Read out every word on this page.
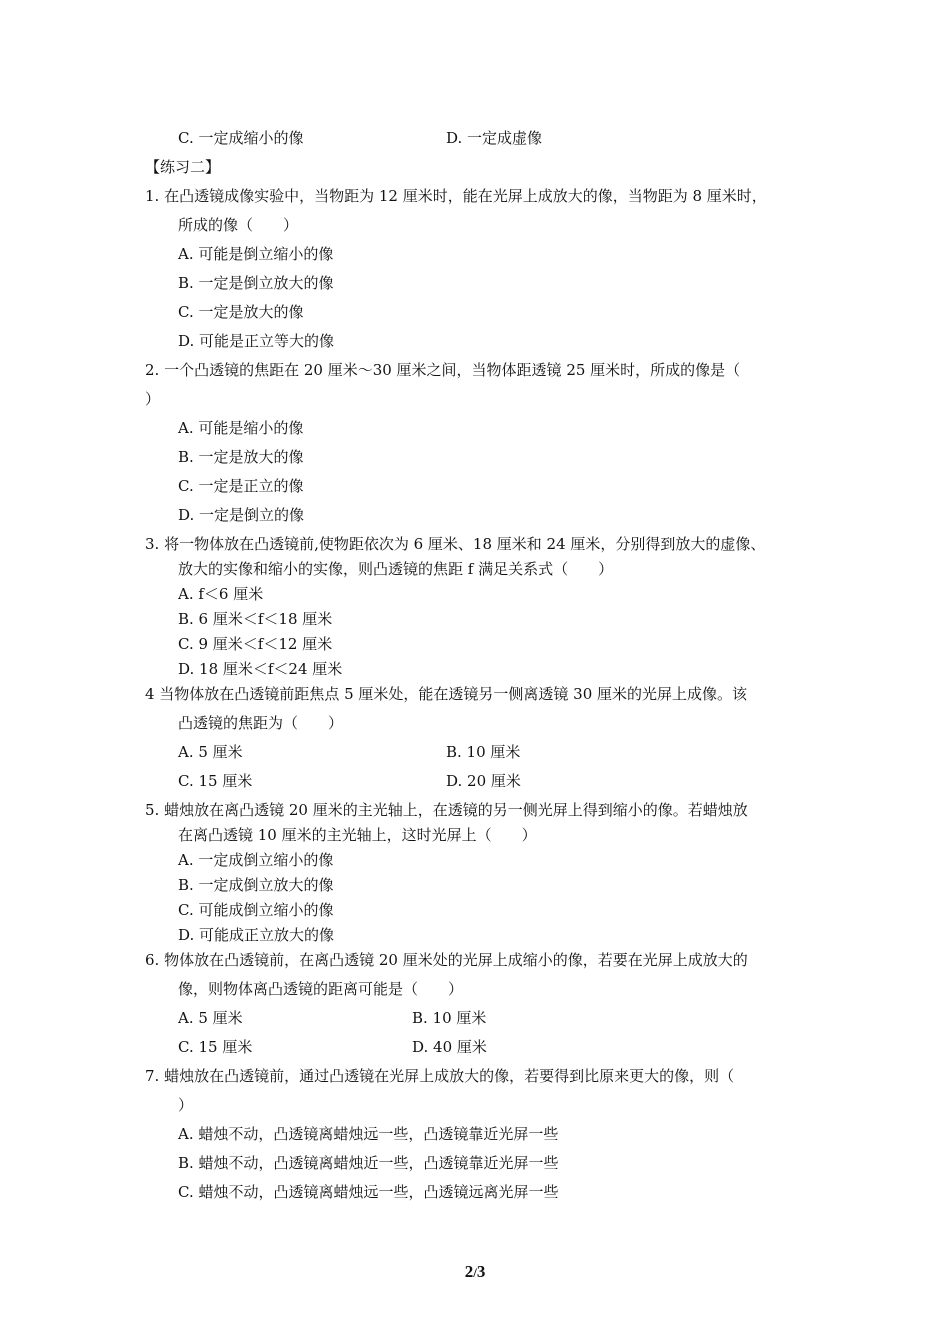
C. 一定成缩小的像	D. 一定成虚像
【练习二】
1. 在凸透镜成像实验中，当物距为 12 厘米时，能在光屏上成放大的像，当物距为 8 厘米时，
所成的像（　　）
A. 可能是倒立缩小的像
B. 一定是倒立放大的像
C. 一定是放大的像
D. 可能是正立等大的像
2. 一个凸透镜的焦距在 20 厘米～30 厘米之间，当物体距透镜 25 厘米时，所成的像是（
）
A. 可能是缩小的像
B. 一定是放大的像
C. 一定是正立的像
D. 一定是倒立的像
3. 将一物体放在凸透镜前,使物距依次为 6 厘米、18 厘米和 24 厘米，分别得到放大的虚像、
放大的实像和缩小的实像，则凸透镜的焦距 f 满足关系式（　　）
A. f＜6 厘米
B. 6 厘米＜f＜18 厘米
C. 9 厘米＜f＜12 厘米
D. 18 厘米＜f＜24 厘米
4 当物体放在凸透镜前距焦点 5 厘米处，能在透镜另一侧离透镜 30 厘米的光屏上成像。该
凸透镜的焦距为（　　）
A. 5 厘米	B. 10 厘米
C. 15 厘米	D. 20 厘米
5. 蜡烛放在离凸透镜 20 厘米的主光轴上，在透镜的另一侧光屏上得到缩小的像。若蜡烛放
在离凸透镜 10 厘米的主光轴上，这时光屏上（　　）
A. 一定成倒立缩小的像
B. 一定成倒立放大的像
C. 可能成倒立缩小的像
D. 可能成正立放大的像
6. 物体放在凸透镜前，在离凸透镜 20 厘米处的光屏上成缩小的像，若要在光屏上成放大的
像，则物体离凸透镜的距离可能是（　　）
A. 5 厘米	B. 10 厘米
C. 15 厘米	D. 40 厘米
7. 蜡烛放在凸透镜前，通过凸透镜在光屏上成放大的像，若要得到比原来更大的像，则（
）
A. 蜡烛不动，凸透镜离蜡烛远一些，凸透镜靠近光屏一些
B. 蜡烛不动，凸透镜离蜡烛近一些，凸透镜靠近光屏一些
C. 蜡烛不动，凸透镜离蜡烛远一些，凸透镜远离光屏一些
2/3
